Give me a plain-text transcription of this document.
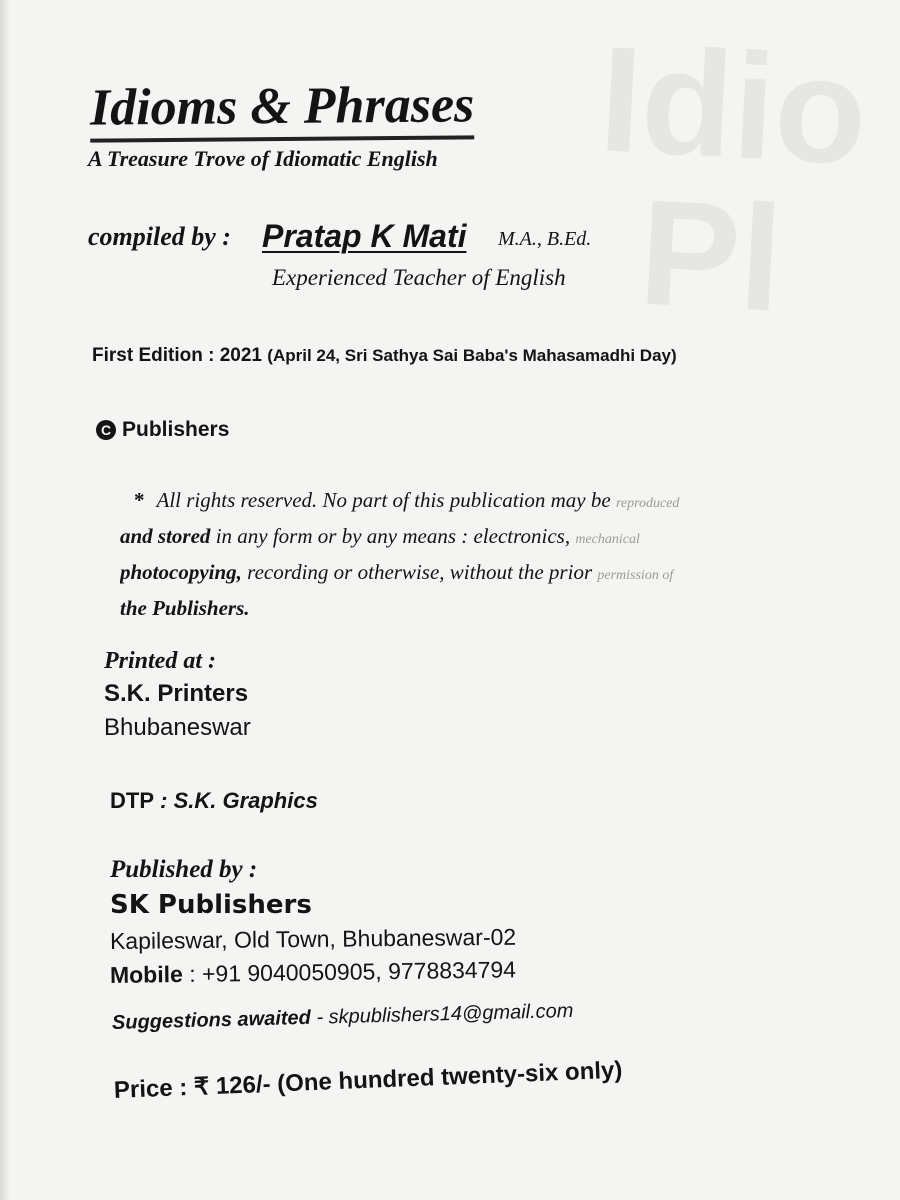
Idio
Pl
Idioms & Phrases
A Treasure Trove of Idiomatic English
compiled by : Pratap K Mati M.A., B.Ed.
Experienced Teacher of English
First Edition : 2021 (April 24, Sri Sathya Sai Baba's Mahasamadhi Day)
C Publishers
* All rights reserved. No part of this publication may be reproduced
and stored in any form or by any means : electronics, mechanical
photocopying, recording or otherwise, without the prior permission of
the Publishers.
Printed at :
S.K. Printers
Bhubaneswar
DTP : S.K. Graphics
Published by :
SK Publishers
Kapileswar, Old Town, Bhubaneswar-02
Mobile : +91 9040050905, 9778834794
Suggestions awaited - skpublishers14@gmail.com
Price : ₹ 126/- (One hundred twenty-six only)
